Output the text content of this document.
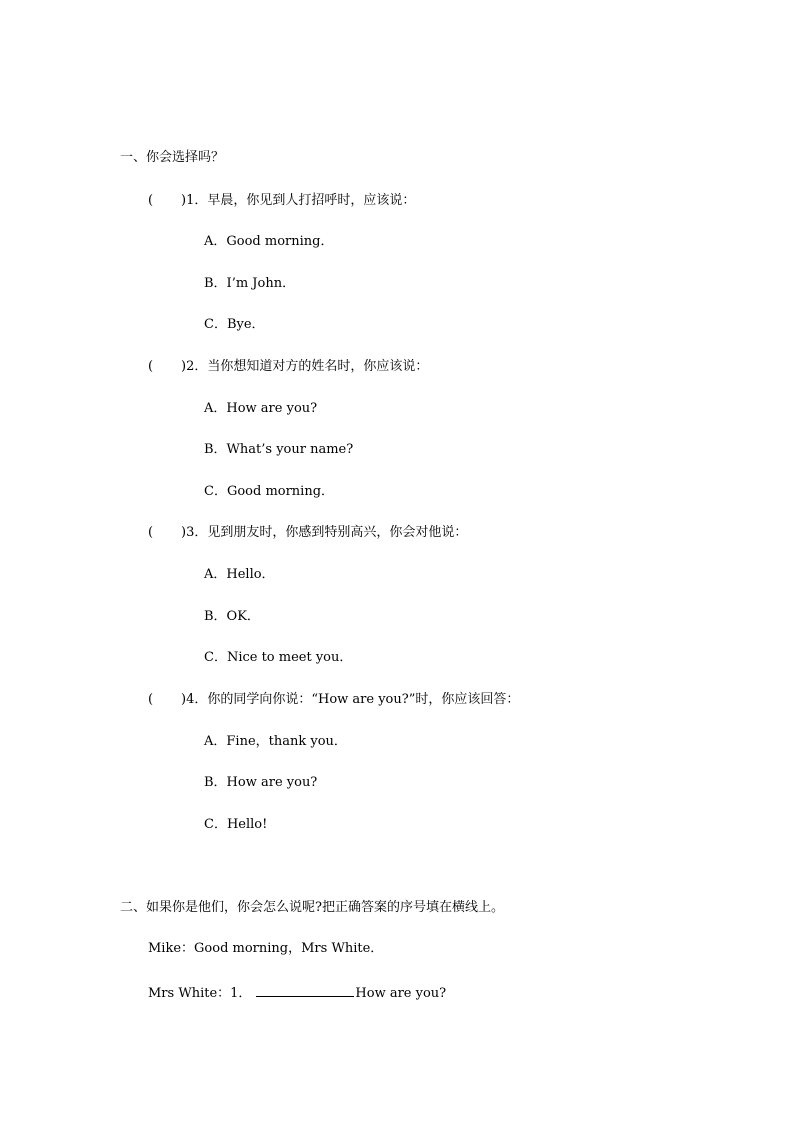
一、你会选择吗？
( )1．早晨，你见到人打招呼时，应该说：
A．Good morning．
B．I’m John．
C．Bye．
( )2．当你想知道对方的姓名时，你应该说：
A．How are you?
B．What’s your name?
C．Good morning．
( )3．见到朋友时，你感到特别高兴，你会对他说：
A．Hello．
B．OK．
C．Nice to meet you．
( )4．你的同学向你说：“How are you?”时，你应该回答：
A．Fine，thank you．
B．How are you?
C．Hello!
二、如果你是他们，你会怎么说呢?把正确答案的序号填在横线上。
Mike：Good morning，Mrs White．
Mrs White：1．	How are you?
